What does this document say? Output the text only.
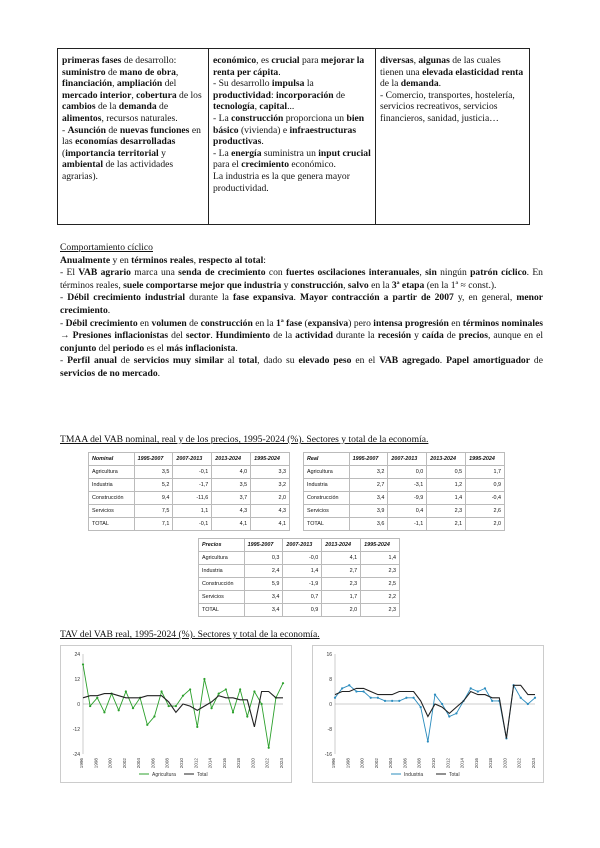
primeras fases de desarrollo: suministro de mano de obra, financiación, ampliación del mercado interior, cobertura de los cambios de la demanda de alimentos, recursos naturales.
- Asunción de nuevas funciones en las economías desarrolladas (importancia territorial y ambiental de las actividades agrarias).	económico, es crucial para mejorar la renta per cápita.
- Su desarrollo impulsa la productividad: incorporación de tecnología, capital...
- La construcción proporciona un bien básico (vivienda) e infraestructuras productivas.
- La energía suministra un input crucial para el crecimiento económico.
La industria es la que genera mayor productividad.	diversas, algunas de las cuales tienen una elevada elasticidad renta de la demanda.
- Comercio, transportes, hostelería, servicios recreativos, servicios financieros, sanidad, justicia…
Comportamiento cíclico
Anualmente y en términos reales, respecto al total:
- El VAB agrario marca una senda de crecimiento con fuertes oscilaciones interanuales, sin ningún patrón cíclico. En términos reales, suele comportarse mejor que industria y construcción, salvo en la 3ª etapa (en la 1ª ≈ const.).
- Débil crecimiento industrial durante la fase expansiva. Mayor contracción a partir de 2007 y, en general, menor crecimiento.
- Débil crecimiento en volumen de construcción en la 1ª fase (expansiva) pero intensa progresión en términos nominales → Presiones inflacionistas del sector. Hundimiento de la actividad durante la recesión y caída de precios, aunque en el conjunto del periodo es el más inflacionista.
- Perfil anual de servicios muy similar al total, dado su elevado peso en el VAB agregado. Papel amortiguador de servicios de no mercado.
TMAA del VAB nominal, real y de los precios, 1995-2024 (%). Sectores y total de la economía.
Nominal	1995-2007	2007-2013	2013-2024	1995-2024
Agricultura	3,5	-0,1	4,0	3,3
Industria	5,2	-1,7	3,5	3,2
Construcción	9,4	-11,6	3,7	2,0
Servicios	7,5	1,1	4,3	4,3
TOTAL	7,1	-0,1	4,1	4,1
Real	1995-2007	2007-2013	2013-2024	1995-2024
Agricultura	3,2	0,0	0,5	1,7
Industria	2,7	-3,1	1,2	0,9
Construcción	3,4	-9,9	1,4	-0,4
Servicios	3,9	0,4	2,3	2,6
TOTAL	3,6	-1,1	2,1	2,0
Precios	1995-2007	2007-2013	2013-2024	1995-2024
Agricultura	0,3	-0,0	4,1	1,4
Industria	2,4	1,4	2,7	2,3
Construcción	5,9	-1,9	2,3	2,5
Servicios	3,4	0,7	1,7	2,2
TOTAL	3,4	0,9	2,0	2,3
TAV del VAB real, 1995-2024 (%). Sectores y total de la economía.
24
12
0
-12
-24
1996 1998 2000 2002 2004 2006 2008 2010 2012 2014 2016 2018 2020 2022 2024
Agricultura	Total
16
8
0
-8
-16
1996 1998 2000 2002 2004 2006 2008 2010 2012 2014 2016 2018 2020 2022 2024
Industria	Total
